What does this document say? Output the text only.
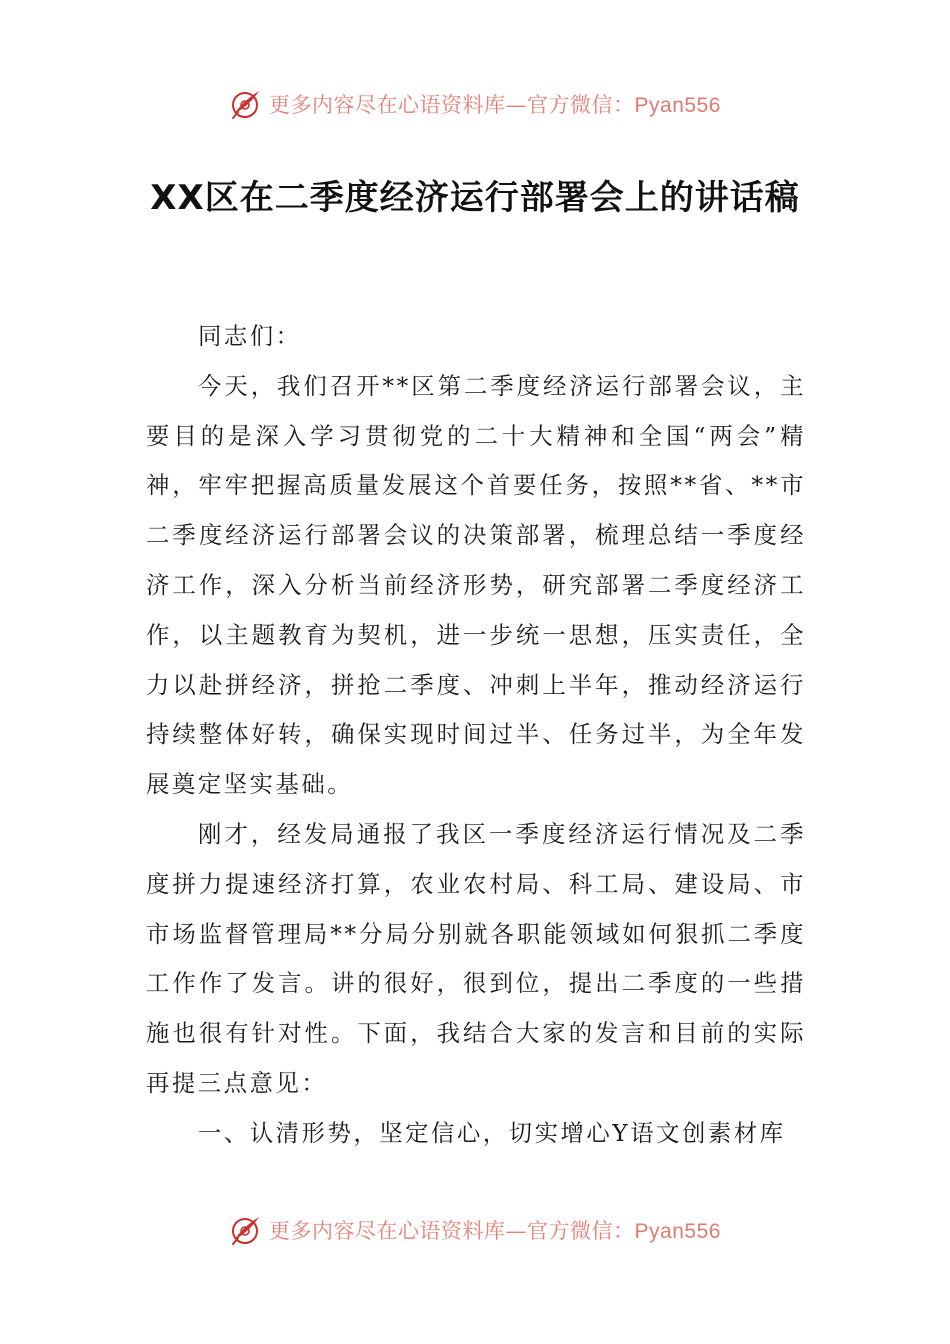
更多内容尽在心语资料库—官方微信：Pyan556
XX区在二季度经济运行部署会上的讲话稿

同志们：

今天，我们召开**区第二季度经济运行部署会议，主要目的是深入学习贯彻党的二十大精神和全国“两会”精神，牢牢把握高质量发展这个首要任务，按照**省、**市二季度经济运行部署会议的决策部署，梳理总结一季度经济工作，深入分析当前经济形势，研究部署二季度经济工作，以主题教育为契机，进一步统一思想，压实责任，全力以赴拼经济，拼抢二季度、冲刺上半年，推动经济运行持续整体好转，确保实现时间过半、任务过半，为全年发展奠定坚实基础。

刚才，经发局通报了我区一季度经济运行情况及二季度拼力提速经济打算，农业农村局、科工局、建设局、市市场监督管理局**分局分别就各职能领域如何狠抓二季度工作作了发言。讲的很好，很到位，提出二季度的一些措施也很有针对性。下面，我结合大家的发言和目前的实际再提三点意见：

一、认清形势，坚定信心，切实增心Y语文创素材库

更多内容尽在心语资料库—官方微信：Pyan556
